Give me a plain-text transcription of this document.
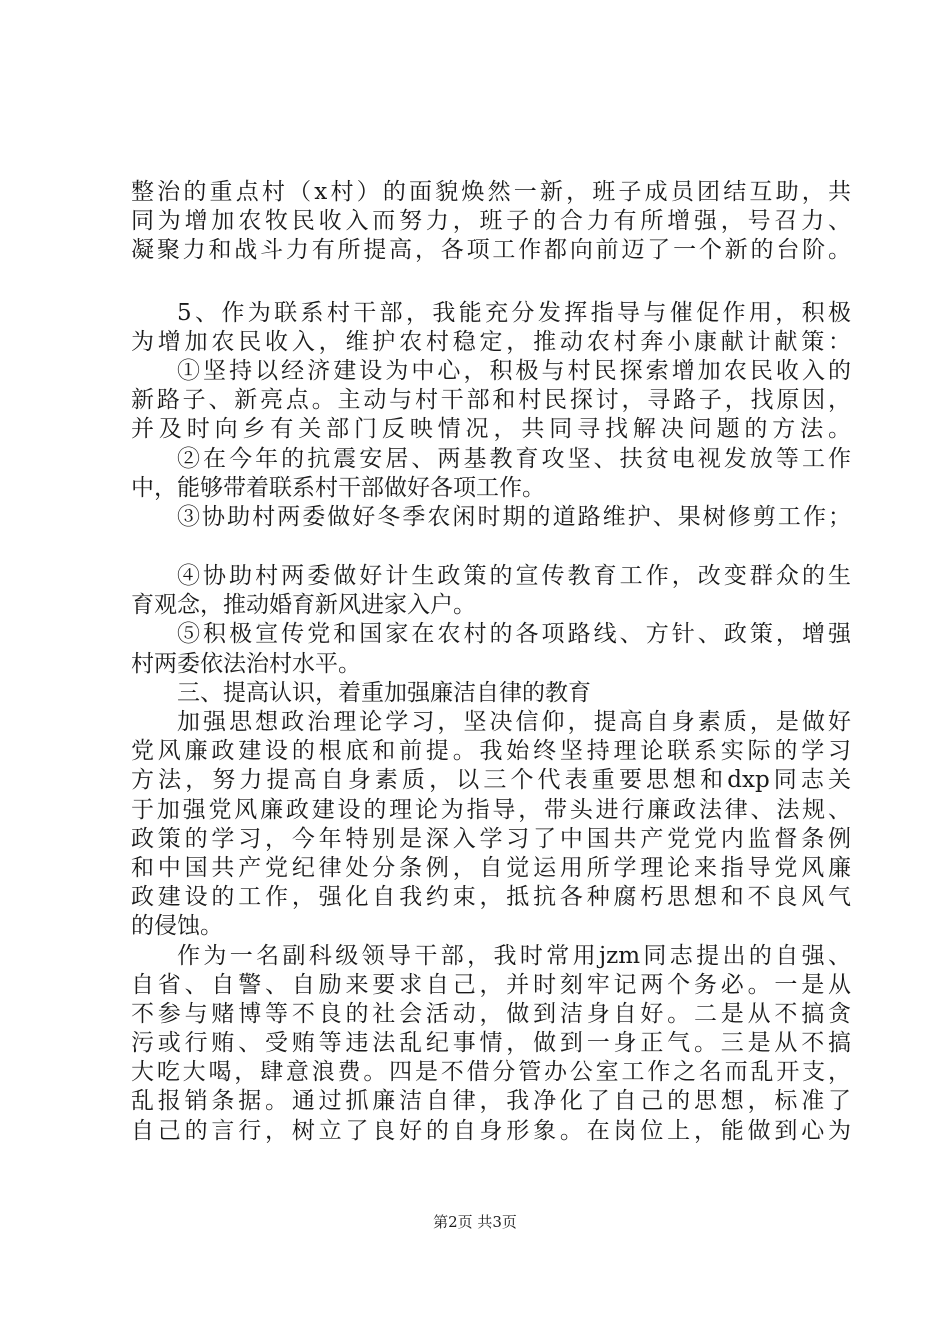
整治的重点村（x村）的面貌焕然一新，班子成员团结互助，共
同为增加农牧民收入而努力，班子的合力有所增强，号召力、
凝聚力和战斗力有所提高，各项工作都向前迈了一个新的台阶。
5、作为联系村干部，我能充分发挥指导与催促作用，积极
为增加农民收入，维护农村稳定，推动农村奔小康献计献策：
①坚持以经济建设为中心，积极与村民探索增加农民收入的
新路子、新亮点。主动与村干部和村民探讨，寻路子，找原因，
并及时向乡有关部门反映情况，共同寻找解决问题的方法。
②在今年的抗震安居、两基教育攻坚、扶贫电视发放等工作
中，能够带着联系村干部做好各项工作。
③协助村两委做好冬季农闲时期的道路维护、果树修剪工作；
④协助村两委做好计生政策的宣传教育工作，改变群众的生
育观念，推动婚育新风进家入户。
⑤积极宣传党和国家在农村的各项路线、方针、政策，增强
村两委依法治村水平。
三、提高认识，着重加强廉洁自律的教育
加强思想政治理论学习，坚决信仰，提高自身素质，是做好
党风廉政建设的根底和前提。我始终坚持理论联系实际的学习
方法，努力提高自身素质，以三个代表重要思想和dxp同志关
于加强党风廉政建设的理论为指导，带头进行廉政法律、法规、
政策的学习，今年特别是深入学习了中国共产党党内监督条例
和中国共产党纪律处分条例，自觉运用所学理论来指导党风廉
政建设的工作，强化自我约束，抵抗各种腐朽思想和不良风气
的侵蚀。
作为一名副科级领导干部，我时常用jzm同志提出的自强、
自省、自警、自励来要求自己，并时刻牢记两个务必。一是从
不参与赌博等不良的社会活动，做到洁身自好。二是从不搞贪
污或行贿、受贿等违法乱纪事情，做到一身正气。三是从不搞
大吃大喝，肆意浪费。四是不借分管办公室工作之名而乱开支，
乱报销条据。通过抓廉洁自律，我净化了自己的思想，标准了
自己的言行，树立了良好的自身形象。在岗位上，能做到心为
第2页 共3页
